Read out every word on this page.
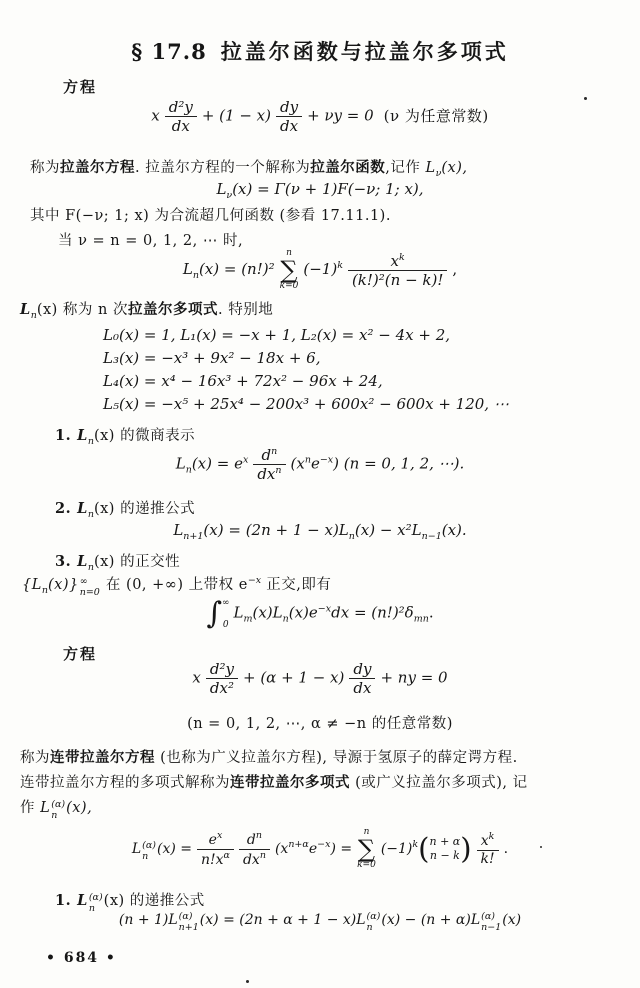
§ 17.8 拉盖尔函数与拉盖尔多项式
方程
x $\frac{\text{d²y}}{dx} + (1 - x) \frac{dy}{dx} + \nu y = 0$ (ν 为任意常数)
称为拉盖尔方程. 拉盖尔方程的一个解称为拉盖尔函数,记作 $L_\nu(x)$,
$L_\nu(x) = \Gamma(\nu + 1)F(-\nu$; 1; x),
其中 F(−ν; 1; x) 为合流超几何函数 (参看 17.11.1).
当 ν = n = 0, 1, 2, ⋯ 时,
$L_n(x) = (n!)^2$
n
∑
k=0
$(-1)^k \frac{x^k}{\text{(k!)²(n − k)!}}$ ,
$L_n(x)$ 称为 n 次拉盖尔多项式. 特别地
L₀(x) = 1, L₁(x) = −x + 1, L₂(x) = x² − 4x + 2,
L₃(x) = −x³ + 9x² − 18x + 6,
L₄(x) = x⁴ − 16x³ + 72x² − 96x + 24,
L₅(x) = −x⁵ + 25x⁴ − 200x³ + 600x² − 600x + 120, ⋯
1. $L_n(x)$ 的微商表示
$L_n(x) = e^x \frac{d^n}{dx^n} (x^ne^{-x}) (n = 0$, 1, 2, ⋯).
2. $L_n(x)$ 的递推公式
$L_{n+1}(x) = (2n + 1 - x)L_n(x) - x^2L_{n-1}(x)$.
3. $L_n(x)$ 的正交性
$\{L_n(x)\}$ ∞
n=0 在 (0, +∞) 上带权 $e^{-x}$ 正交,即有
∫ ∞
0
$L_m(x)L_n(x)e^{-x}dx = (n!)^2\delta_{mn}$.
方程
x $\frac{\text{d²y}}{\text{dx²}} + (\alpha + 1 - x) \frac{dy}{dx}$ + ny = 0
(n = 0, 1, 2, ⋯, α ≠ −n 的任意常数)
称为连带拉盖尔方程 (也称为广义拉盖尔方程), 导源于氢原子的薛定谔方程.
连带拉盖尔方程的多项式解称为连带拉盖尔多项式 (或广义拉盖尔多项式), 记
作 L (α)
n (x),
L (α)
n $(x) = \frac{e^x}{n!x^\alpha} \frac{d^n}{dx^n} (x^{n+\alpha}e^{-x})$ =
n
∑
k=0
$(-1)^k$( n + α
n − k ) $\frac{x^k}{k!}$ .
1. L (α)
n (x) 的递推公式
(n + 1)L (α)
n+1 (x) = (2n + α + 1 − x)L (α)
n (x) − (n + α)L (α)
n−1 (x)
• 684 •
